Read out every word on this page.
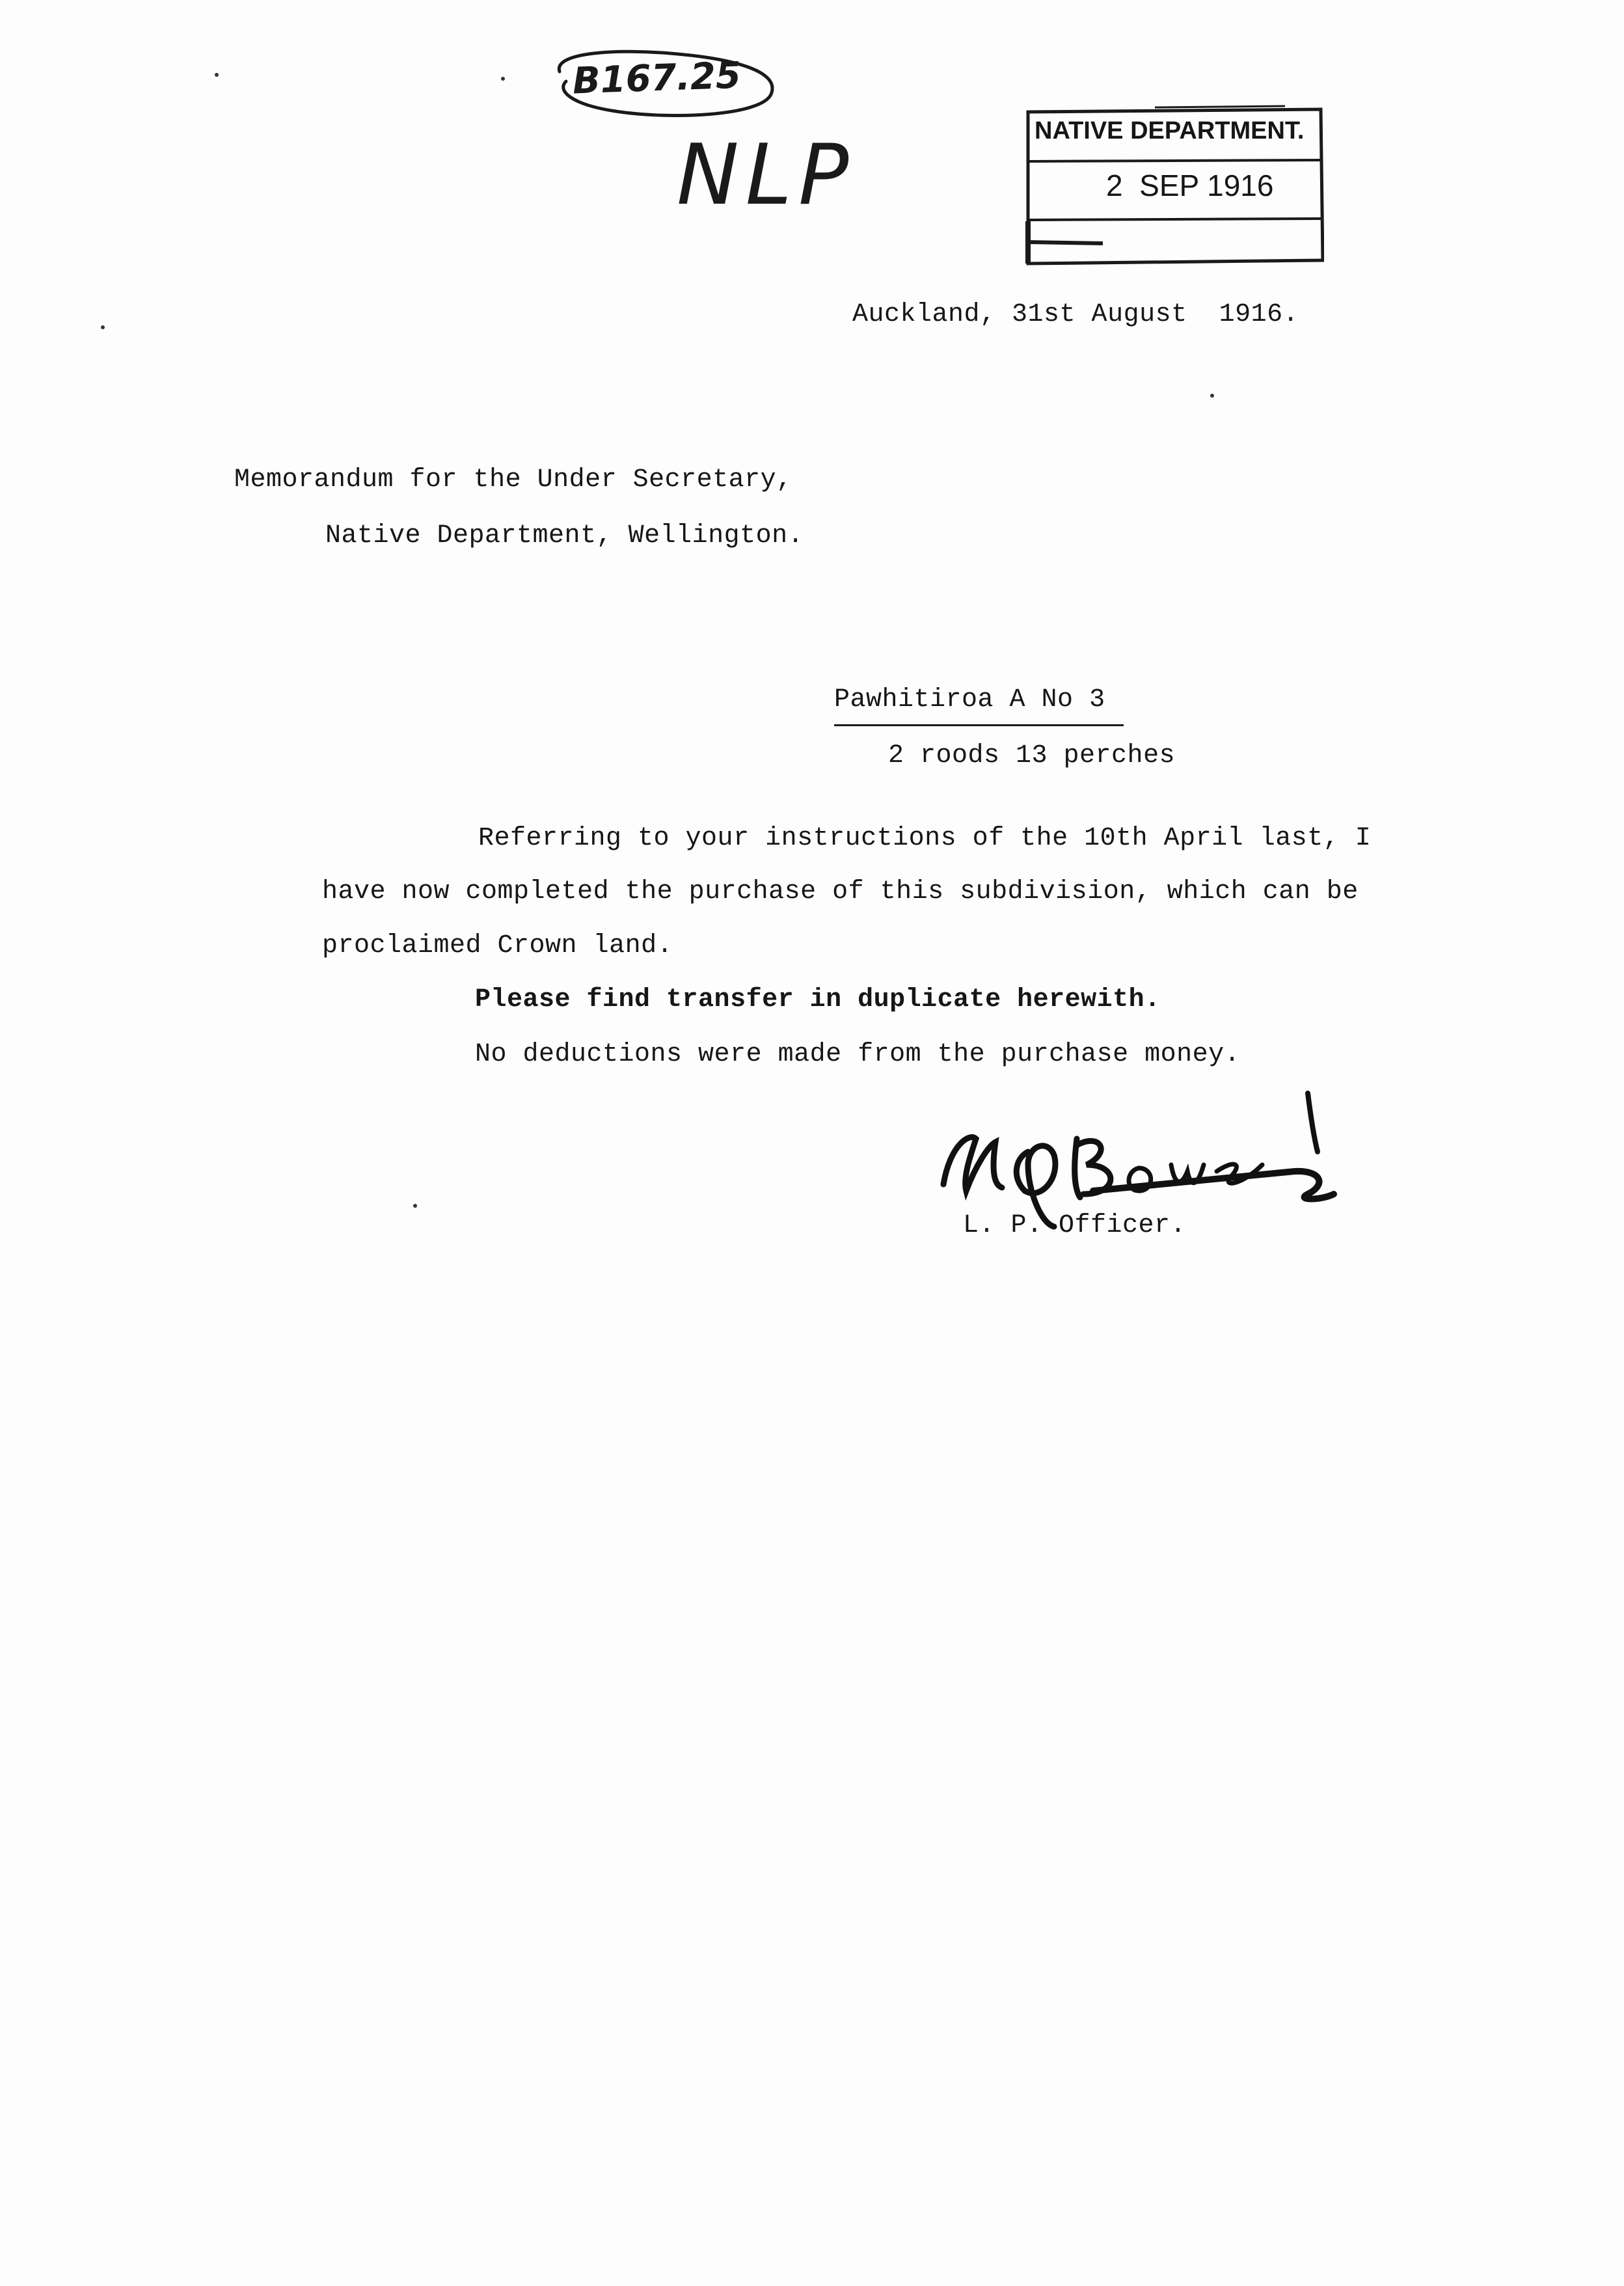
B167.25
NLP	NATIVE DEPARTMENT.
2  SEP 1916
Auckland, 31st August  1916.
Memorandum for the Under Secretary,
Native Department, Wellington.
Pawhitiroa A No 3
2 roods 13 perches
Referring to your instructions of the 10th April last, I
have now completed the purchase of this subdivision, which can be
proclaimed Crown land.
Please find transfer in duplicate herewith.
No deductions were made from the purchase money.
L. P. Officer.
